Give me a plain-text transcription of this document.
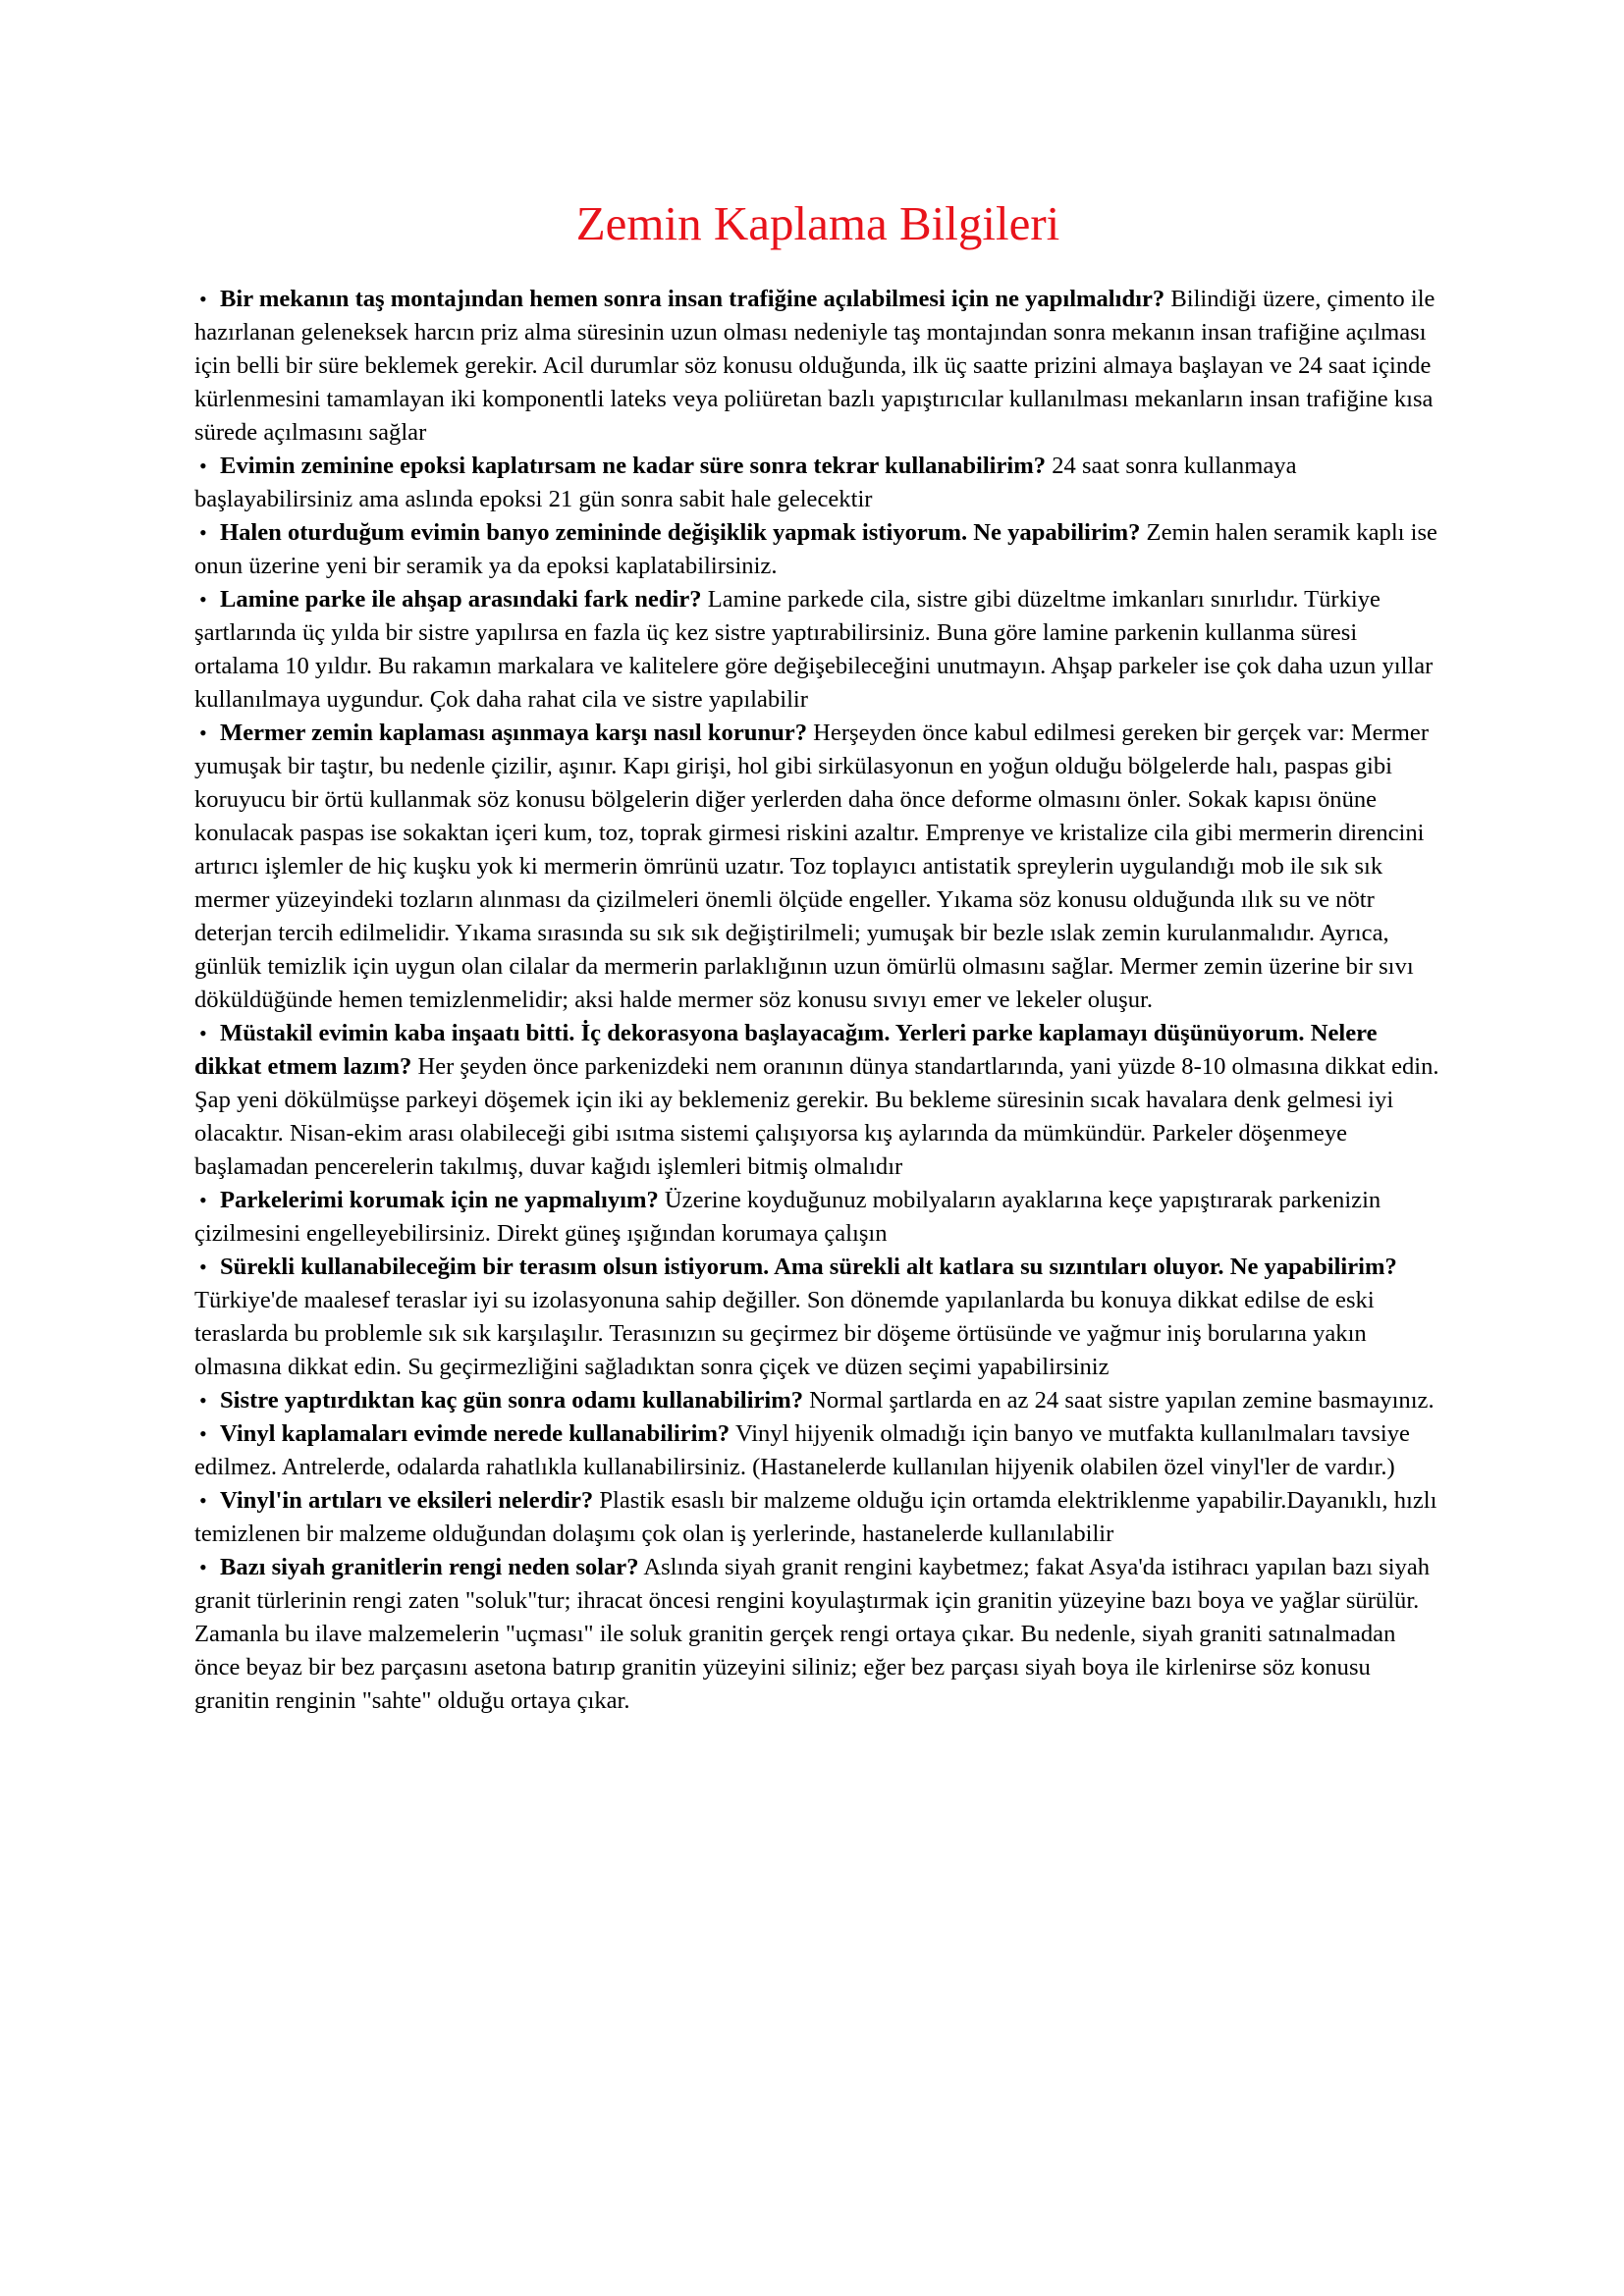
Zemin Kaplama Bilgileri
• Bir mekanın taş montajından hemen sonra insan trafiğine açılabilmesi için ne yapılmalıdır? Bilindiği üzere, çimento ile hazırlanan geleneksek harcın priz alma süresinin uzun olması nedeniyle taş montajından sonra mekanın insan trafiğine açılması için belli bir süre beklemek gerekir. Acil durumlar söz konusu olduğunda, ilk üç saatte prizini almaya başlayan ve 24 saat içinde kürlenmesini tamamlayan iki komponentli lateks veya poliüretan bazlı yapıştırıcılar kullanılması mekanların insan trafiğine kısa sürede açılmasını sağlar
• Evimin zeminine epoksi kaplatırsam ne kadar süre sonra tekrar kullanabilirim? 24 saat sonra kullanmaya başlayabilirsiniz ama aslında epoksi 21 gün sonra sabit hale gelecektir
• Halen oturduğum evimin banyo zemininde değişiklik yapmak istiyorum. Ne yapabilirim? Zemin halen seramik kaplı ise onun üzerine yeni bir seramik ya da epoksi kaplatabilirsiniz.
• Lamine parke ile ahşap arasındaki fark nedir? Lamine parkede cila, sistre gibi düzeltme imkanları sınırlıdır. Türkiye şartlarında üç yılda bir sistre yapılırsa en fazla üç kez sistre yaptırabilirsiniz. Buna göre lamine parkenin kullanma süresi ortalama 10 yıldır. Bu rakamın markalara ve kalitelere göre değişebileceğini unutmayın. Ahşap parkeler ise çok daha uzun yıllar kullanılmaya uygundur. Çok daha rahat cila ve sistre yapılabilir
• Mermer zemin kaplaması aşınmaya karşı nasıl korunur? Herşeyden önce kabul edilmesi gereken bir gerçek var: Mermer yumuşak bir taştır, bu nedenle çizilir, aşınır. Kapı girişi, hol gibi sirkülasyonun en yoğun olduğu bölgelerde halı, paspas gibi koruyucu bir örtü kullanmak söz konusu bölgelerin diğer yerlerden daha önce deforme olmasını önler. Sokak kapısı önüne konulacak paspas ise sokaktan içeri kum, toz, toprak girmesi riskini azaltır. Emprenye ve kristalize cila gibi mermerin direncini artırıcı işlemler de hiç kuşku yok ki mermerin ömrünü uzatır. Toz toplayıcı antistatik spreylerin uygulandığı mob ile sık sık mermer yüzeyindeki tozların alınması da çizilmeleri önemli ölçüde engeller. Yıkama söz konusu olduğunda ılık su ve nötr deterjan tercih edilmelidir. Yıkama sırasında su sık sık değiştirilmeli; yumuşak bir bezle ıslak zemin kurulanmalıdır. Ayrıca, günlük temizlik için uygun olan cilalar da mermerin parlaklığının uzun ömürlü olmasını sağlar. Mermer zemin üzerine bir sıvı döküldüğünde hemen temizlenmelidir; aksi halde mermer söz konusu sıvıyı emer ve lekeler oluşur.
• Müstakil evimin kaba inşaatı bitti. İç dekorasyona başlayacağım. Yerleri parke kaplamayı düşünüyorum. Nelere dikkat etmem lazım? Her şeyden önce parkenizdeki nem oranının dünya standartlarında, yani yüzde 8-10 olmasına dikkat edin. Şap yeni dökülmüşse parkeyi döşemek için iki ay beklemeniz gerekir. Bu bekleme süresinin sıcak havalara denk gelmesi iyi olacaktır. Nisan-ekim arası olabileceği gibi ısıtma sistemi çalışıyorsa kış aylarında da mümkündür. Parkeler döşenmeye başlamadan pencerelerin takılmış, duvar kağıdı işlemleri bitmiş olmalıdır
• Parkelerimi korumak için ne yapmalıyım? Üzerine koyduğunuz mobilyaların ayaklarına keçe yapıştırarak parkenizin çizilmesini engelleyebilirsiniz. Direkt güneş ışığından korumaya çalışın
• Sürekli kullanabileceğim bir terasım olsun istiyorum. Ama sürekli alt katlara su sızıntıları oluyor. Ne yapabilirim? Türkiye'de maalesef teraslar iyi su izolasyonuna sahip değiller. Son dönemde yapılanlarda bu konuya dikkat edilse de eski teraslarda bu problemle sık sık karşılaşılır. Terasınızın su geçirmez bir döşeme örtüsünde ve yağmur iniş borularına yakın olmasına dikkat edin. Su geçirmezliğini sağladıktan sonra çiçek ve düzen seçimi yapabilirsiniz
• Sistre yaptırdıktan kaç gün sonra odamı kullanabilirim? Normal şartlarda en az 24 saat sistre yapılan zemine basmayınız.
• Vinyl kaplamaları evimde nerede kullanabilirim? Vinyl hijyenik olmadığı için banyo ve mutfakta kullanılmaları tavsiye edilmez. Antrelerde, odalarda rahatlıkla kullanabilirsiniz. (Hastanelerde kullanılan hijyenik olabilen özel vinyl'ler de vardır.)
• Vinyl'in artıları ve eksileri nelerdir? Plastik esaslı bir malzeme olduğu için ortamda elektriklenme yapabilir.Dayanıklı, hızlı temizlenen bir malzeme olduğundan dolaşımı çok olan iş yerlerinde, hastanelerde kullanılabilir
• Bazı siyah granitlerin rengi neden solar? Aslında siyah granit rengini kaybetmez; fakat Asya'da istihracı yapılan bazı siyah granit türlerinin rengi zaten "soluk"tur; ihracat öncesi rengini koyulaştırmak için granitin yüzeyine bazı boya ve yağlar sürülür. Zamanla bu ilave malzemelerin "uçması" ile soluk granitin gerçek rengi ortaya çıkar. Bu nedenle, siyah graniti satınalmadan önce beyaz bir bez parçasını asetona batırıp granitin yüzeyini siliniz; eğer bez parçası siyah boya ile kirlenirse söz konusu granitin renginin "sahte" olduğu ortaya çıkar.
